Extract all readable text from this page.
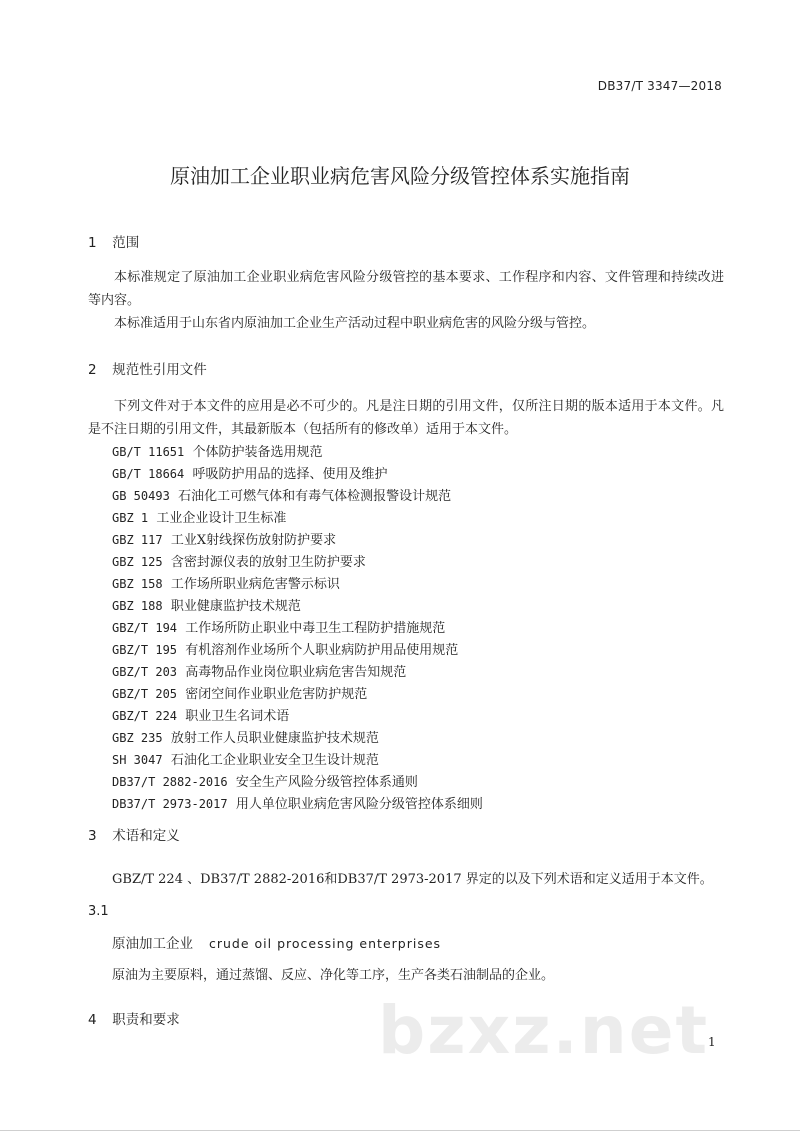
DB37/T 3347—2018
原油加工企业职业病危害风险分级管控体系实施指南
1 范围
本标准规定了原油加工企业职业病危害风险分级管控的基本要求、工作程序和内容、文件管理和持续改进等内容。
本标准适用于山东省内原油加工企业生产活动过程中职业病危害的风险分级与管控。
2 规范性引用文件
下列文件对于本文件的应用是必不可少的。凡是注日期的引用文件，仅所注日期的版本适用于本文件。凡是不注日期的引用文件，其最新版本（包括所有的修改单）适用于本文件。
GB/T 11651 个体防护装备选用规范
GB/T 18664 呼吸防护用品的选择、使用及维护
GB 50493 石油化工可燃气体和有毒气体检测报警设计规范
GBZ 1 工业企业设计卫生标准
GBZ 117 工业X射线探伤放射防护要求
GBZ 125 含密封源仪表的放射卫生防护要求
GBZ 158 工作场所职业病危害警示标识
GBZ 188 职业健康监护技术规范
GBZ/T 194 工作场所防止职业中毒卫生工程防护措施规范
GBZ/T 195 有机溶剂作业场所个人职业病防护用品使用规范
GBZ/T 203 高毒物品作业岗位职业病危害告知规范
GBZ/T 205 密闭空间作业职业危害防护规范
GBZ/T 224 职业卫生名词术语
GBZ 235 放射工作人员职业健康监护技术规范
SH 3047 石油化工企业职业安全卫生设计规范
DB37/T 2882-2016 安全生产风险分级管控体系通则
DB37/T 2973-2017 用人单位职业病危害风险分级管控体系细则
3 术语和定义
GBZ/T 224 、DB37/T 2882-2016和DB37/T 2973-2017 界定的以及下列术语和定义适用于本文件。
3.1
原油加工企业 crude oil processing enterprises
原油为主要原料，通过蒸馏、反应、净化等工序，生产各类石油制品的企业。
4 职责和要求	bzxz.net
1
